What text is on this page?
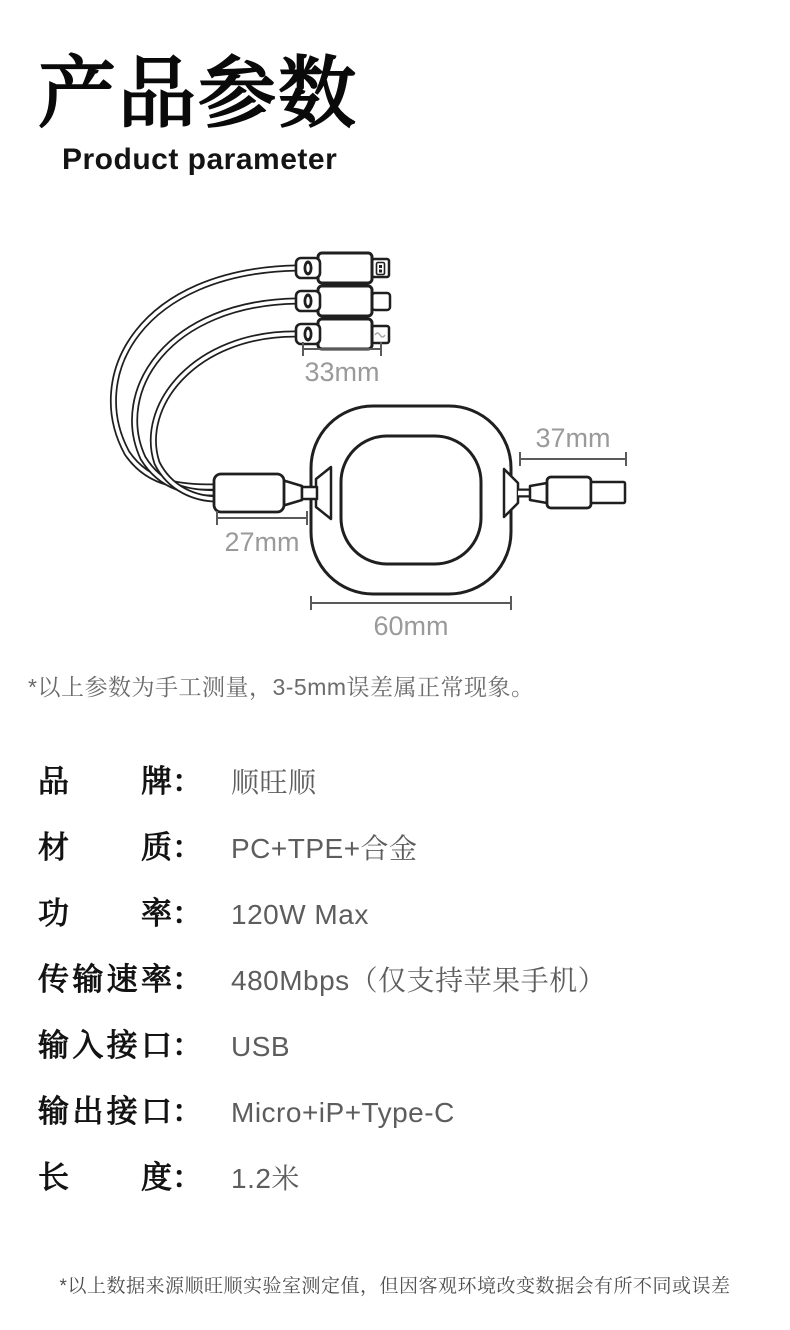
产品参数
Product parameter
33mm
37mm
27mm
60mm

*以上参数为手工测量，3-5mm误差属正常现象。

品 牌 ： 顺旺顺
材 质 ： PC+TPE+合金
功 率 ： 120W Max
传 输 速 率 ： 480Mbps（仅支持苹果手机）
输 入 接 口 ： USB
输 出 接 口 ： Micro+iP+Type-C
长 度 ： 1.2米

*以上数据来源顺旺顺实验室测定值，但因客观环境改变数据会有所不同或误差
